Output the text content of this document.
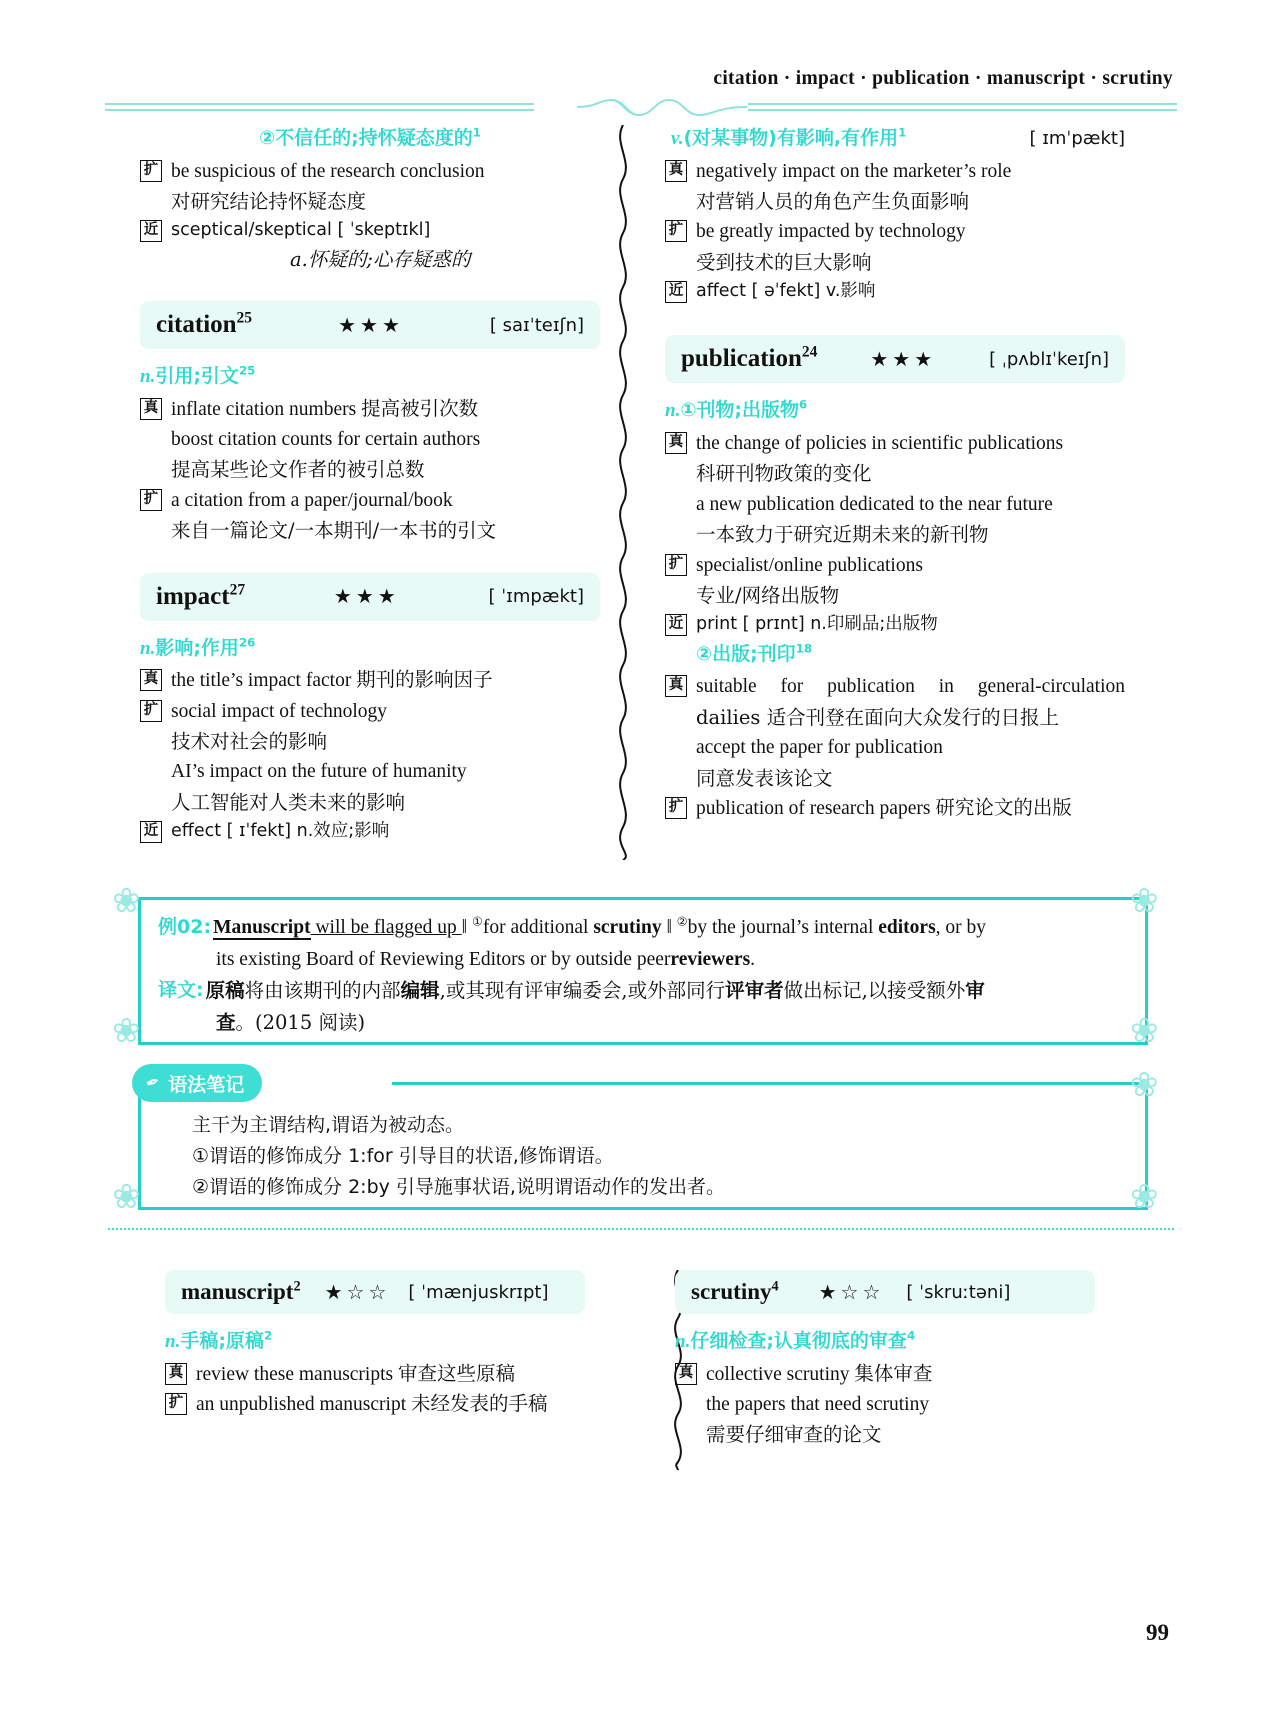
citation · impact · publication · manuscript · scrutiny
②不信任的;持怀疑态度的$^1$
扩 be suspicious of the research conclusion
对研究结论持怀疑态度
近 sceptical/skeptical [ ˈskeptɪkl]
a.怀疑的;心存疑惑的
citation$^{25}$	★★★	[ saɪˈteɪʃn]
n.引用;引文$^{25}$
真 inflate citation numbers 提高被引次数
boost citation counts for certain authors
提高某些论文作者的被引总数
扩 a citation from a paper/journal/book
来自一篇论文/一本期刊/一本书的引文
impact$^{27}$	★★★	[ ˈɪmpækt]
n.影响;作用$^{26}$
真 the title’s impact factor 期刊的影响因子
扩 social impact of technology
技术对社会的影响
AI’s impact on the future of humanity
人工智能对人类未来的影响
近 effect [ ɪˈfekt] n.效应;影响
v.(对某事物)有影响,有作用$^1$	[ ɪmˈpækt]
真 negatively impact on the marketer’s role
对营销人员的角色产生负面影响
扩 be greatly impacted by technology
受到技术的巨大影响
近 affect [ əˈfekt] v.影响
publication$^{24}$	★★★	[ ˌpʌblɪˈkeɪʃn]
n.①刊物;出版物$^6$
真 the change of policies in scientific publications
科研刊物政策的变化
a new publication dedicated to the near future
一本致力于研究近期未来的新刊物
扩 specialist/online publications
专业/网络出版物
近 print [ prɪnt] n.印刷品;出版物
②出版;刊印$^{18}$
真 suitable for publication in general-circulation
dailies 适合刊登在面向大众发行的日报上
accept the paper for publication
同意发表该论文
扩 publication of research papers 研究论文的出版
❀	❀
❀	❀
例02: Manuscript will be flagged up ‖ ①for additional scrutiny ‖ ②by the journal’s internal editors, or by
its existing Board of Reviewing Editors or by outside peer reviewers .
译文: 原稿将由该期刊的内部编辑,或其现有评审编委会,或外部同行评审者做出标记,以接受额外审
查 。(2015 阅读)
❀
❀	❀
✒ 语法笔记
主干为主谓结构,谓语为被动态。
①谓语的修饰成分 1:for 引导目的状语,修饰谓语。
②谓语的修饰成分 2:by 引导施事状语,说明谓语动作的发出者。
manuscript$^2$ ★☆☆ [ ˈmænjuskrɪpt]
n.手稿;原稿$^2$
真 review these manuscripts 审查这些原稿
扩 an unpublished manuscript 未经发表的手稿
scrutiny$^4$ ★☆☆ [ ˈskruːtəni]
n.仔细检查;认真彻底的审查$^4$
真 collective scrutiny 集体审查
the papers that need scrutiny
需要仔细审查的论文
99
